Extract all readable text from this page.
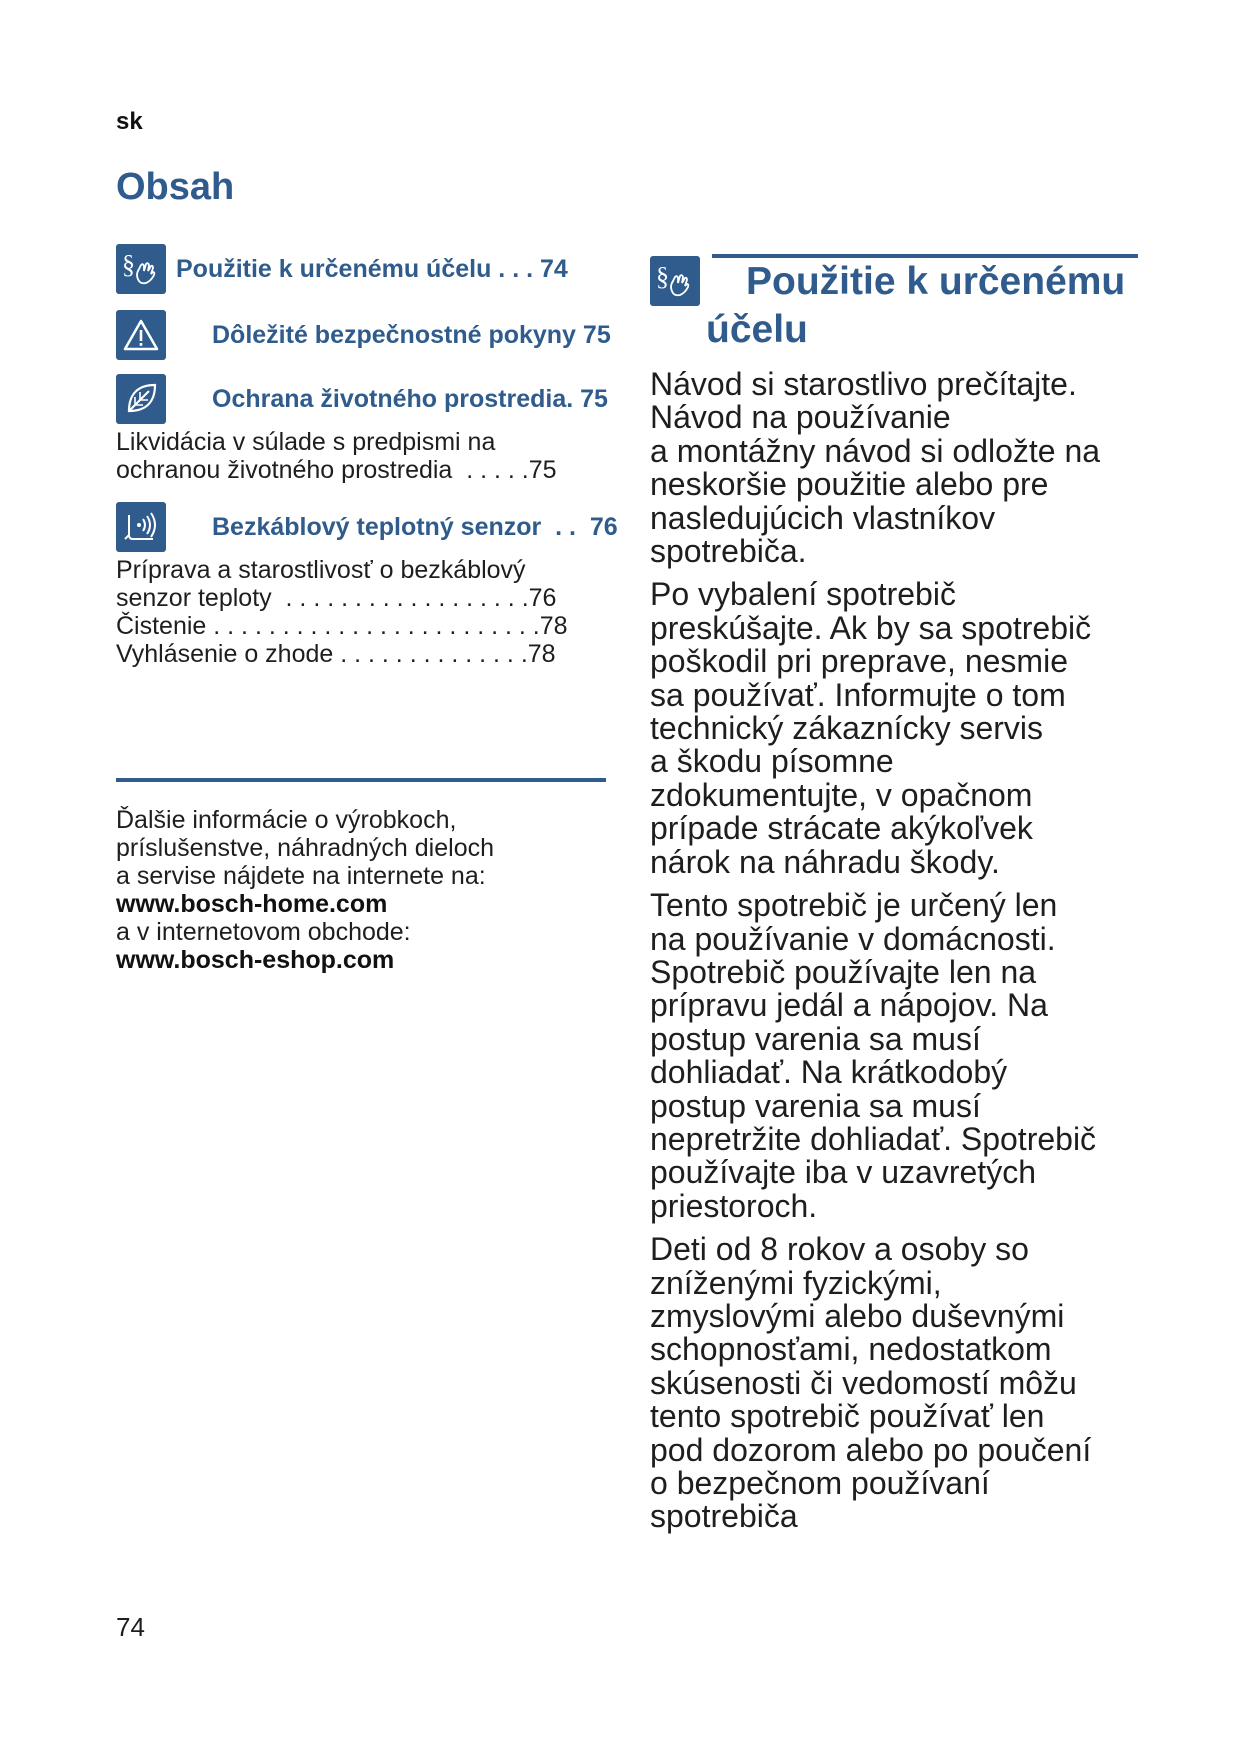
sk
Obsah
§ Použitie k určenému účelu . . . 74
Dôležité bezpečnostné pokyny 75
Ochrana životného prostredia. 75
Likvidácia v súlade s predpismi na
ochranou životného prostredia  . . . . .75
Bezkáblový teplotný senzor  . .  76
Príprava a starostlivosť o bezkáblový
senzor teploty  . . . . . . . . . . . . . . . . . .76
Čistenie . . . . . . . . . . . . . . . . . . . . . . . .78
Vyhlásenie o zhode . . . . . . . . . . . . . .78
Ďalšie informácie o výrobkoch,
príslušenstve, náhradných dieloch
a servise nájdete na internete na:
www.bosch-home.com
a v internetovom obchode:
www.bosch-eshop.com
§	Použitie k určenému
účelu

Návod si starostlivo prečítajte.
Návod na používanie
a montážny návod si odložte na
neskoršie použitie alebo pre
nasledujúcich vlastníkov
spotrebiča.

Po vybalení spotrebič
preskúšajte. Ak by sa spotrebič
poškodil pri preprave, nesmie
sa používať. Informujte o tom
technický zákaznícky servis
a škodu písomne
zdokumentujte, v opačnom
prípade strácate akýkoľvek
nárok na náhradu škody.

Tento spotrebič je určený len
na používanie v domácnosti.
Spotrebič používajte len na
prípravu jedál a nápojov. Na
postup varenia sa musí
dohliadať. Na krátkodobý
postup varenia sa musí
nepretržite dohliadať. Spotrebič
používajte iba v uzavretých
priestoroch.

Deti od 8 rokov a osoby so
zníženými fyzickými,
zmyslovými alebo duševnými
schopnosťami, nedostatkom
skúsenosti či vedomostí môžu
tento spotrebič používať len
pod dozorom alebo po poučení
o bezpečnom používaní
spotrebiča

74
